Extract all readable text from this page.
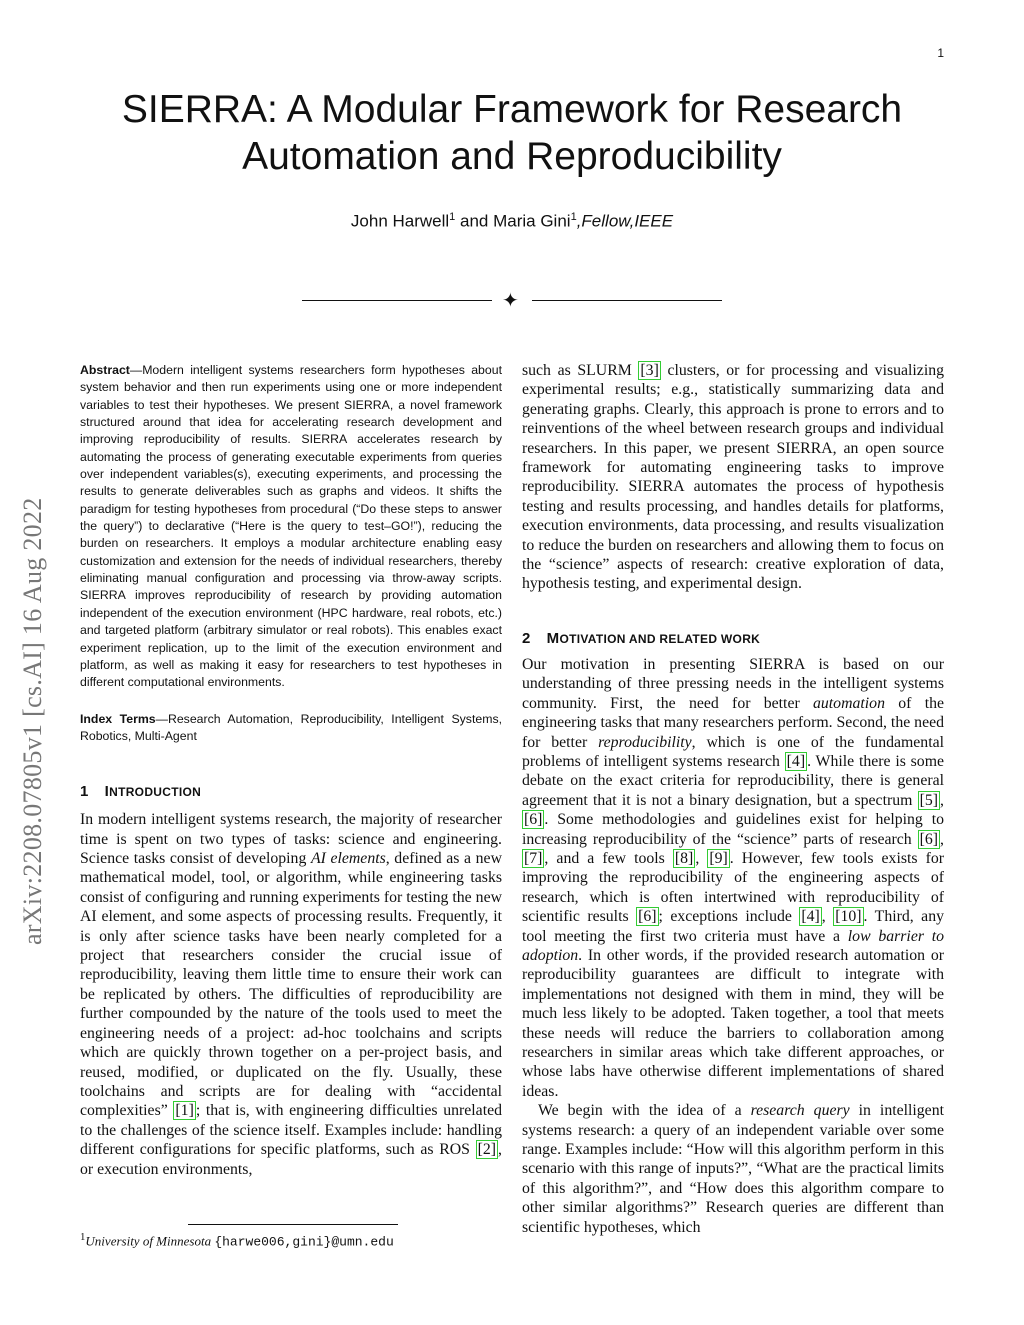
1
SIERRA: A Modular Framework for Research
Automation and Reproducibility
John Harwell$^1$ and Maria Gini$^1$,Fellow,IEEE
✦
arXiv:2208.07805v1 [cs.AI] 16 Aug 2022

Abstract—Modern intelligent systems researchers form hypotheses about system behavior and then run experiments using one or more independent variables to test their hypotheses. We present SIERRA, a novel framework structured around that idea for accelerating research development and improving reproducibility of results. SIERRA accelerates research by automating the process of generating executable experiments from queries over independent variables(s), executing experiments, and processing the results to generate deliverables such as graphs and videos. It shifts the paradigm for testing hypotheses from procedural (“Do these steps to answer the query”) to declarative (“Here is the query to test–GO!”), reducing the burden on researchers. It employs a modular architecture enabling easy customization and extension for the needs of individual researchers, thereby eliminating manual configuration and processing via throw-away scripts. SIERRA improves reproducibility of research by providing automation independent of the execution environment (HPC hardware, real robots, etc.) and targeted platform (arbitrary simulator or real robots). This enables exact experiment replication, up to the limit of the execution environment and platform, as well as making it easy for researchers to test hypotheses in different computational environments.

Index Terms—Research Automation, Reproducibility, Intelligent Systems, Robotics, Multi-Agent

1 INTRODUCTION

In modern intelligent systems research, the majority of researcher time is spent on two types of tasks: science and engineering. Science tasks consist of developing AI elements, defined as a new mathematical model, tool, or algorithm, while engineering tasks consist of configuring and running experiments for testing the new AI element, and some aspects of processing results. Frequently, it is only after science tasks have been nearly completed for a project that researchers consider the crucial issue of reproducibility, leaving them little time to ensure their work can be replicated by others. The difficulties of reproducibility are further compounded by the nature of the tools used to meet the engineering needs of a project: ad-hoc toolchains and scripts which are quickly thrown together on a per-project basis, and reused, modified, or duplicated on the fly. Usually, these toolchains and scripts are for dealing with “accidental complexities” [1] ; that is, with engineering difficulties unrelated to the challenges of the science itself. Examples include: handling different configurations for specific platforms, such as ROS [2] , or execution environments,

such as SLURM [3] clusters, or for processing and visualizing experimental results; e.g., statistically summarizing data and generating graphs. Clearly, this approach is prone to errors and to reinventions of the wheel between research groups and individual researchers. In this paper, we present SIERRA, an open source framework for automating engineering tasks to improve reproducibility. SIERRA automates the process of hypothesis testing and results processing, and handles details for platforms, execution environments, data processing, and results visualization to reduce the burden on researchers and allowing them to focus on the “science” aspects of research: creative exploration of data, hypothesis testing, and experimental design.

2 MOTIVATION AND RELATED WORK

Our motivation in presenting SIERRA is based on our understanding of three pressing needs in the intelligent systems community. First, the need for better automation of the engineering tasks that many researchers perform. Second, the need for better reproducibility, which is one of the fundamental problems of intelligent systems research [4] . While there is some debate on the exact criteria for reproducibility, there is general agreement that it is not a binary designation, but a spectrum [5] , [6] . Some methodologies and guidelines exist for helping to increasing reproducibility of the “science” parts of research [6] , [7] , and a few tools [8] , [9] . However, few tools exists for improving the reproducibility of the engineering aspects of research, which is often intertwined with reproducibility of scientific results [6] ; exceptions include [4] , [10] . Third, any tool meeting the first two criteria must have a low barrier to adoption. In other words, if the provided research automation or reproducibility guarantees are difficult to integrate with implementations not designed with them in mind, they will be much less likely to be adopted. Taken together, a tool that meets these needs will reduce the barriers to collaboration among researchers in similar areas which take different approaches, or whose labs have otherwise different implementations of shared ideas.

We begin with the idea of a research query in intelligent systems research: a query of an independent variable over some range. Examples include: “How will this algorithm perform in this scenario with this range of inputs?”, “What are the practical limits of this algorithm?”, and “How does this algorithm compare to other similar algorithms?” Research queries are different than scientific hypotheses, which

$^1$University of Minnesota {harwe006,gini}@umn.edu
